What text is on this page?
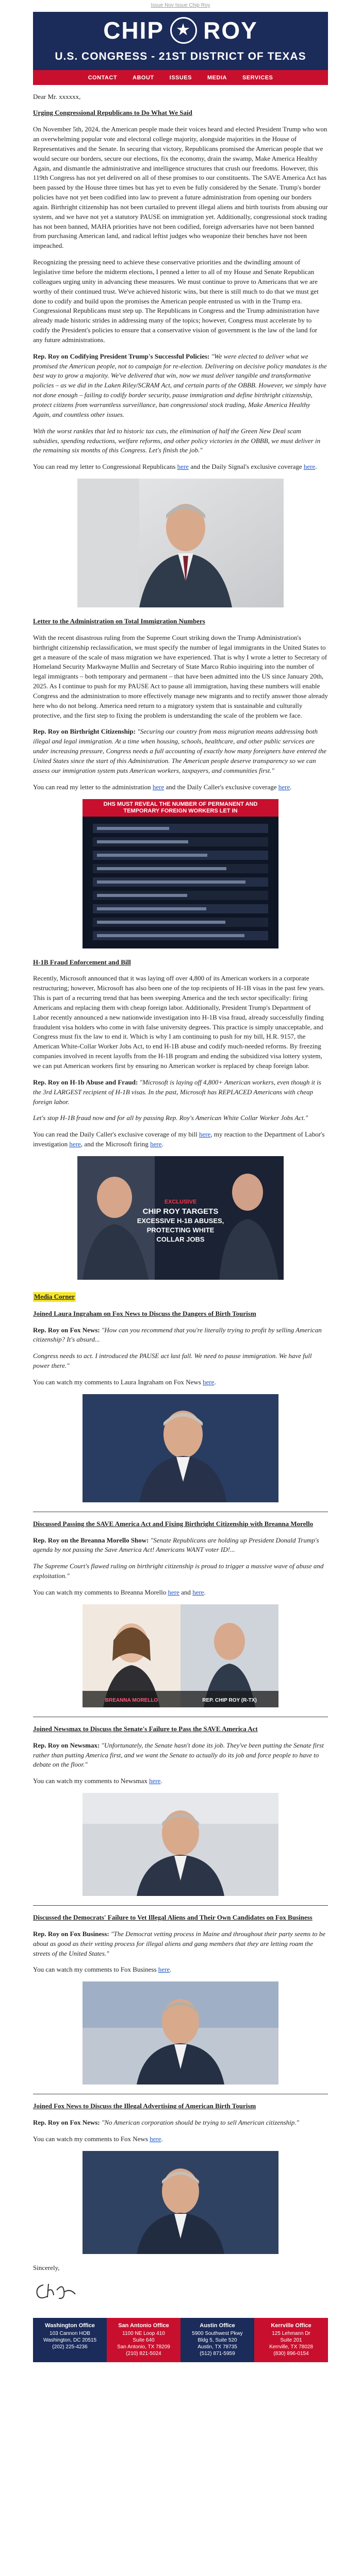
Issue Nov Issue Chip Roy
CHIP ★ ROY
U.S. CONGRESS - 21ST DISTRICT OF TEXAS
CONTACT	ABOUT	ISSUES	MEDIA	SERVICES

Dear Mr. xxxxxx,

Urging Congressional Republicans to Do What We Said

On November 5th, 2024, the American people made their voices heard and elected President Trump who won an overwhelming popular vote and electoral college majority, alongside majorities in the House of Representatives and the Senate. In securing that victory, Republicans promised the American people that we would secure our borders, secure our elections, fix the economy, drain the swamp, Make America Healthy Again, and dismantle the administrative and intelligence structures that crush our freedoms. However, this 119th Congress has not yet delivered on all of these promises to our constituents. The SAVE America Act has been passed by the House three times but has yet to even be fully considered by the Senate. Trump's border policies have not yet been codified into law to prevent a future administration from opening our borders again. Birthright citizenship has not been curtailed to prevent illegal aliens and birth tourists from abusing our system, and we have not yet a statutory PAUSE on immigration yet. Additionally, congressional stock trading has not been banned, MAHA priorities have not been codified, foreign adversaries have not been banned from purchasing American land, and radical leftist judges who weaponize their benches have not been impeached.

Recognizing the pressing need to achieve these conservative priorities and the dwindling amount of legislative time before the midterm elections, I penned a letter to all of my House and Senate Republican colleagues urging unity in advancing these measures. We must continue to prove to Americans that we are worthy of their continued trust. We've achieved historic wins, but there is still much to do that we must get done to codify and build upon the promises the American people entrusted us with in the Trump era. Congressional Republicans must step up. The Republicans in Congress and the Trump administration have already made historic strides in addressing many of the topics; however, Congress must accelerate by to codify the President's policies to ensure that a conservative vision of government is the law of the land for any future administrations.

Rep. Roy on Codifying President Trump's Successful Policies: "We were elected to deliver what we promised the American people, not to campaign for re-election. Delivering on decisive policy mandates is the best way to grow a majority. We've delivered that win, now we must deliver tangible and transformative policies – as we did in the Laken Riley/SCRAM Act, and certain parts of the OBBB. However, we simply have not done enough – failing to codify border security, pause immigration and define birthright citizenship, protect citizens from warrantless surveillance, ban congressional stock trading, Make America Healthy Again, and countless other issues.

With the worst rankles that led to historic tax cuts, the elimination of half the Green New Deal scam subsidies, spending reductions, welfare reforms, and other policy victories in the OBBB, we must deliver in the remaining six months of this Congress. Let's finish the job."

You can read my letter to Congressional Republicans here and the Daily Signal's exclusive coverage here.

Letter to the Administration on Total Immigration Numbers

With the recent disastrous ruling from the Supreme Court striking down the Trump Administration's birthright citizenship reclassification, we must specify the number of legal immigrants in the United States to get a measure of the scale of mass migration we have experienced. That is why I wrote a letter to Secretary of Homeland Security Markwayne Mullin and Secretary of State Marco Rubio inquiring into the number of legal immigrants – both temporary and permanent – that have been admitted into the US since January 20th, 2025. As I continue to push for my PAUSE Act to pause all immigration, having these numbers will enable Congress and the administration to more effectively manage new migrants and to rectify answer those already here who do not belong. America need return to a migratory system that is sustainable and culturally protective, and the first step to fixing the problem is understanding the scale of the problem we face.

Rep. Roy on Birthright Citizenship: "Securing our country from mass migration means addressing both illegal and legal immigration. At a time when housing, schools, healthcare, and other public services are under increasing pressure, Congress needs a full accounting of exactly how many foreigners have entered the United States since the start of this Administration. The American people deserve transparency so we can assess our immigration system puts American workers, taxpayers, and communities first."

You can read my letter to the administration here and the Daily Caller's exclusive coverage here.

DHS MUST REVEAL THE NUMBER OF PERMANENT AND TEMPORARY FOREIGN WORKERS LET IN

H-1B Fraud Enforcement and Bill

Recently, Microsoft announced that it was laying off over 4,800 of its American workers in a corporate restructuring; however, Microsoft has also been one of the top recipients of H-1B visas in the past few years. This is part of a recurring trend that has been sweeping America and the tech sector specifically: firing Americans and replacing them with cheap foreign labor. Additionally, President Trump's Department of Labor recently announced a new nationwide investigation into H-1B visa fraud, already successfully finding fraudulent visa holders who come in with false university degrees. This practice is simply unacceptable, and Congress must fix the law to end it. Which is why I am continuing to push for my bill, H.R. 9157, the American White-Collar Worker Jobs Act, to end H-1B abuse and codify much-needed reforms. By freezing companies involved in recent layoffs from the H-1B program and ending the subsidized visa lottery system, we can put American workers first by ensuring no American worker is replaced by cheap foreign labor.

Rep. Roy on H-1b Abuse and Fraud: "Microsoft is laying off 4,800+ American workers, even though it is the 3rd LARGEST recipient of H-1B visas. In the past, Microsoft has REPLACED Americans with cheap foreign labor.

Let's stop H-1B fraud now and for all by passing Rep. Roy's American White Collar Worker Jobs Act."

You can read the Daily Caller's exclusive coverage of my bill here, my reaction to the Department of Labor's investigation here, and the Microsoft firing here.

EXCLUSIVE
CHIP ROY TARGETS
EXCESSIVE H-1B ABUSES,
PROTECTING WHITE
COLLAR JOBS
Media Corner

Joined Laura Ingraham on Fox News to Discuss the Dangers of Birth Tourism

Rep. Roy on Fox News: "How can you recommend that you're literally trying to profit by selling American citizenship? It's absurd...

Congress needs to act. I introduced the PAUSE act last fall. We need to pause immigration. We have full power there."

You can watch my comments to Laura Ingraham on Fox News here.

Discussed Passing the SAVE America Act and Fixing Birthright Citizenship with Breanna Morello

Rep. Roy on the Breanna Morello Show: "Senate Republicans are holding up President Donald Trump's agenda by not passing the Save America Act! Americans WANT voter ID!...

The Supreme Court's flawed ruling on birthright citizenship is proud to trigger a massive wave of abuse and exploitation."

You can watch my comments to Breanna Morello here and here.

BREANNA MORELLO	REP. CHIP ROY (R-TX)

Joined Newsmax to Discuss the Senate's Failure to Pass the SAVE America Act

Rep. Roy on Newsmax: "Unfortunately, the Senate hasn't done its job. They've been putting the Senate first rather than putting America first, and we want the Senate to actually do its job and force people to have to debate on the floor."

You can watch my comments to Newsmax here.

Discussed the Democrats' Failure to Vet Illegal Aliens and Their Own Candidates on Fox Business

Rep. Roy on Fox Business: "The Democrat vetting process in Maine and throughout their party seems to be about as good as their vetting process for illegal aliens and gang members that they are letting roam the streets of the United States."

You can watch my comments to Fox Business here.

Joined Fox News to Discuss the Illegal Advertising of American Birth Tourism

Rep. Roy on Fox News: "No American corporation should be trying to sell American citizenship."

You can watch my comments to Fox News here.

Sincerely,

Washington Office
103 Cannon HOB
Washington, DC 20515
(202) 225-4236
San Antonio Office
1100 NE Loop 410
Suite 640
San Antonio, TX 78209
(210) 821-5024
Austin Office
5900 Southwest Pkwy
Bldg 5, Suite 520
Austin, TX 78735
(512) 871-5959
Kerrville Office
125 Lehmann Dr
Suite 201
Kerrville, TX 78028
(830) 896-0154
